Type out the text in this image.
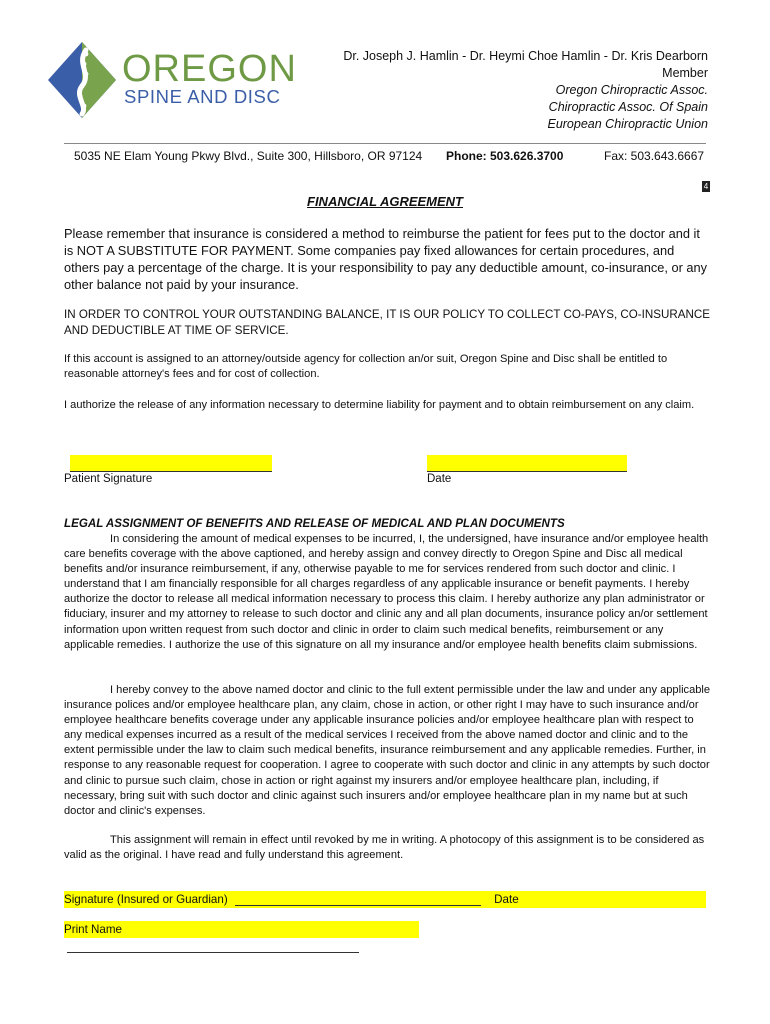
OREGON
SPINE AND DISC
Dr. Joseph J. Hamlin - Dr. Heymi Choe Hamlin - Dr. Kris Dearborn
Member
Oregon Chiropractic Assoc.
Chiropractic Assoc. Of Spain
European Chiropractic Union
5035 NE Elam Young Pkwy Blvd., Suite 300, Hillsboro, OR 97124 Phone: 503.626.3700	Fax: 503.643.6667
4
FINANCIAL AGREEMENT
Please remember that insurance is considered a method to reimburse the patient for fees put to the doctor and it is NOT A SUBSTITUTE FOR PAYMENT. Some companies pay fixed allowances for certain procedures, and others pay a percentage of the charge. It is your responsibility to pay any deductible amount, co-insurance, or any other balance not paid by your insurance.
IN ORDER TO CONTROL YOUR OUTSTANDING BALANCE, IT IS OUR POLICY TO COLLECT CO-PAYS, CO-INSURANCE AND DEDUCTIBLE AT TIME OF SERVICE.
If this account is assigned to an attorney/outside agency for collection an/or suit, Oregon Spine and Disc shall be entitled to reasonable attorney's fees and for cost of collection.
I authorize the release of any information necessary to determine liability for payment and to obtain reimbursement on any claim.
Patient Signature	Date
LEGAL ASSIGNMENT OF BENEFITS AND RELEASE OF MEDICAL AND PLAN DOCUMENTS
In considering the amount of medical expenses to be incurred, I, the undersigned, have insurance and/or employee health care benefits coverage with the above captioned, and hereby assign and convey directly to Oregon Spine and Disc all medical benefits and/or insurance reimbursement, if any, otherwise payable to me for services rendered from such doctor and clinic. I understand that I am financially responsible for all charges regardless of any applicable insurance or benefit payments. I hereby authorize the doctor to release all medical information necessary to process this claim. I hereby authorize any plan administrator or fiduciary, insurer and my attorney to release to such doctor and clinic any and all plan documents, insurance policy an/or settlement information upon written request from such doctor and clinic in order to claim such medical benefits, reimbursement or any applicable remedies. I authorize the use of this signature on all my insurance and/or employee health benefits claim submissions.
I hereby convey to the above named doctor and clinic to the full extent permissible under the law and under any applicable insurance polices and/or employee healthcare plan, any claim, chose in action, or other right I may have to such insurance and/or employee healthcare benefits coverage under any applicable insurance policies and/or employee healthcare plan with respect to any medical expenses incurred as a result of the medical services I received from the above named doctor and clinic and to the extent permissible under the law to claim such medical benefits, insurance reimbursement and any applicable remedies. Further, in response to any reasonable request for cooperation. I agree to cooperate with such doctor and clinic in any attempts by such doctor and clinic to pursue such claim, chose in action or right against my insurers and/or employee healthcare plan, including, if necessary, bring suit with such doctor and clinic against such insurers and/or employee healthcare plan in my name but at such doctor and clinic's expenses.
This assignment will remain in effect until revoked by me in writing. A photocopy of this assignment is to be considered as valid as the original. I have read and fully understand this agreement.
Signature (Insured or Guardian)	Date
Print Name
